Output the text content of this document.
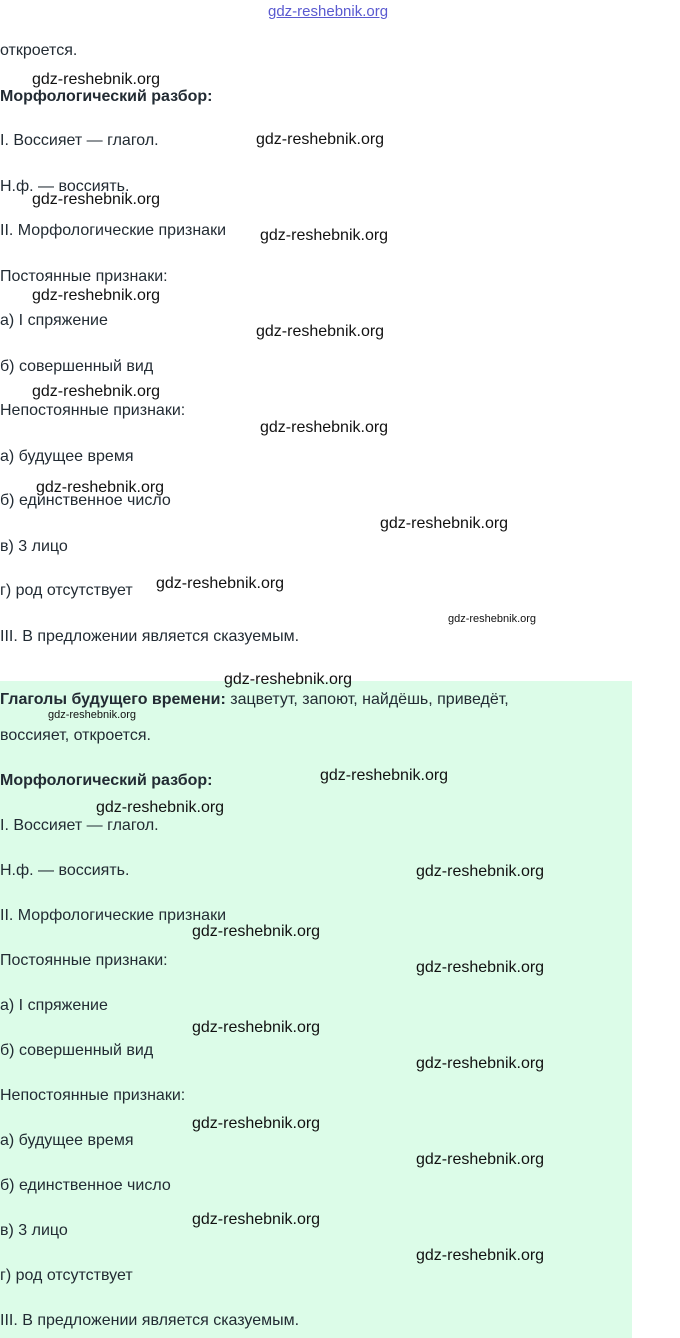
gdz-reshebnik.org

откроется.

Морфологический разбор:

I. Воссияет — глагол.

Н.ф. — воссиять.

II. Морфологические признаки

Постоянные признаки:

а) I спряжение

б) совершенный вид

Непостоянные признаки:

а) будущее время

б) единственное число

в) 3 лицо

г) род отсутствует

III. В предложении является сказуемым.

Глаголы будущего времени: зацветут, запоют, найдёшь, приведёт,

воссияет, откроется.

Морфологический разбор:

I. Воссияет — глагол.

Н.ф. — воссиять.

II. Морфологические признаки

Постоянные признаки:

а) I спряжение

б) совершенный вид

Непостоянные признаки:

а) будущее время

б) единственное число

в) 3 лицо

г) род отсутствует

III. В предложении является сказуемым.

gdz-reshebnik.org
gdz-reshebnik.org
gdz-reshebnik.org
gdz-reshebnik.org
gdz-reshebnik.org
gdz-reshebnik.org
gdz-reshebnik.org
gdz-reshebnik.org
gdz-reshebnik.org
gdz-reshebnik.org
gdz-reshebnik.org
gdz-reshebnik.org
gdz-reshebnik.org
gdz-reshebnik.org
gdz-reshebnik.org
gdz-reshebnik.org
gdz-reshebnik.org
gdz-reshebnik.org
gdz-reshebnik.org
gdz-reshebnik.org
gdz-reshebnik.org
gdz-reshebnik.org
gdz-reshebnik.org
gdz-reshebnik.org
gdz-reshebnik.org
